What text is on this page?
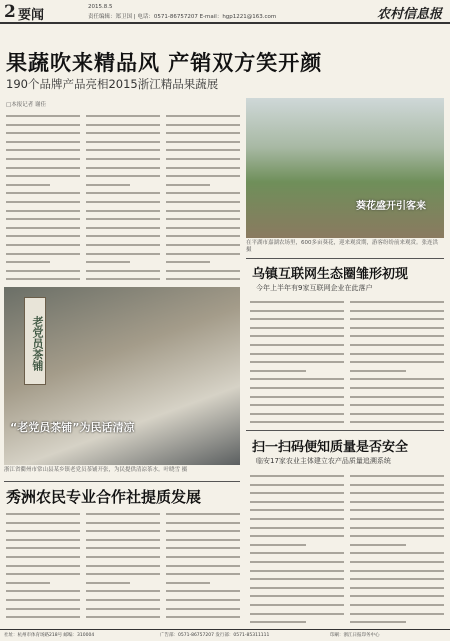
2 要闻
2015.8.5
责任编辑：郑卫国 | 电话：0571-86757207 E-mail：hgp1221@163.com	农村信息报
果蔬吹来精品风 产销双方笑开颜
190个品牌产品亮相2015浙江精品果蔬展
□本报记者 谢佳
葵花盛开引客来
在平湖市嘉湖农场里，600多亩葵花，迎来观赏期，游客纷纷前来观赏。张连洪 摄
老党员茶铺
“老党员茶铺”为民话清凉
浙江省衢州市常山县某乡镇老党员茶铺开张，为民提供清凉茶水。叶晓雪 摄
乌镇互联网生态圈雏形初现
今年上半年有9家互联网企业在此落户
扫一扫码便知质量是否安全
临安17家农业主体建立农产品质量追溯系统
秀洲农民专业合作社提质发展
社址：杭州市体育场路218号 邮编：310004	广告部：0571-86757207 发行部：0571-85311111	印刷：浙江日报印务中心
